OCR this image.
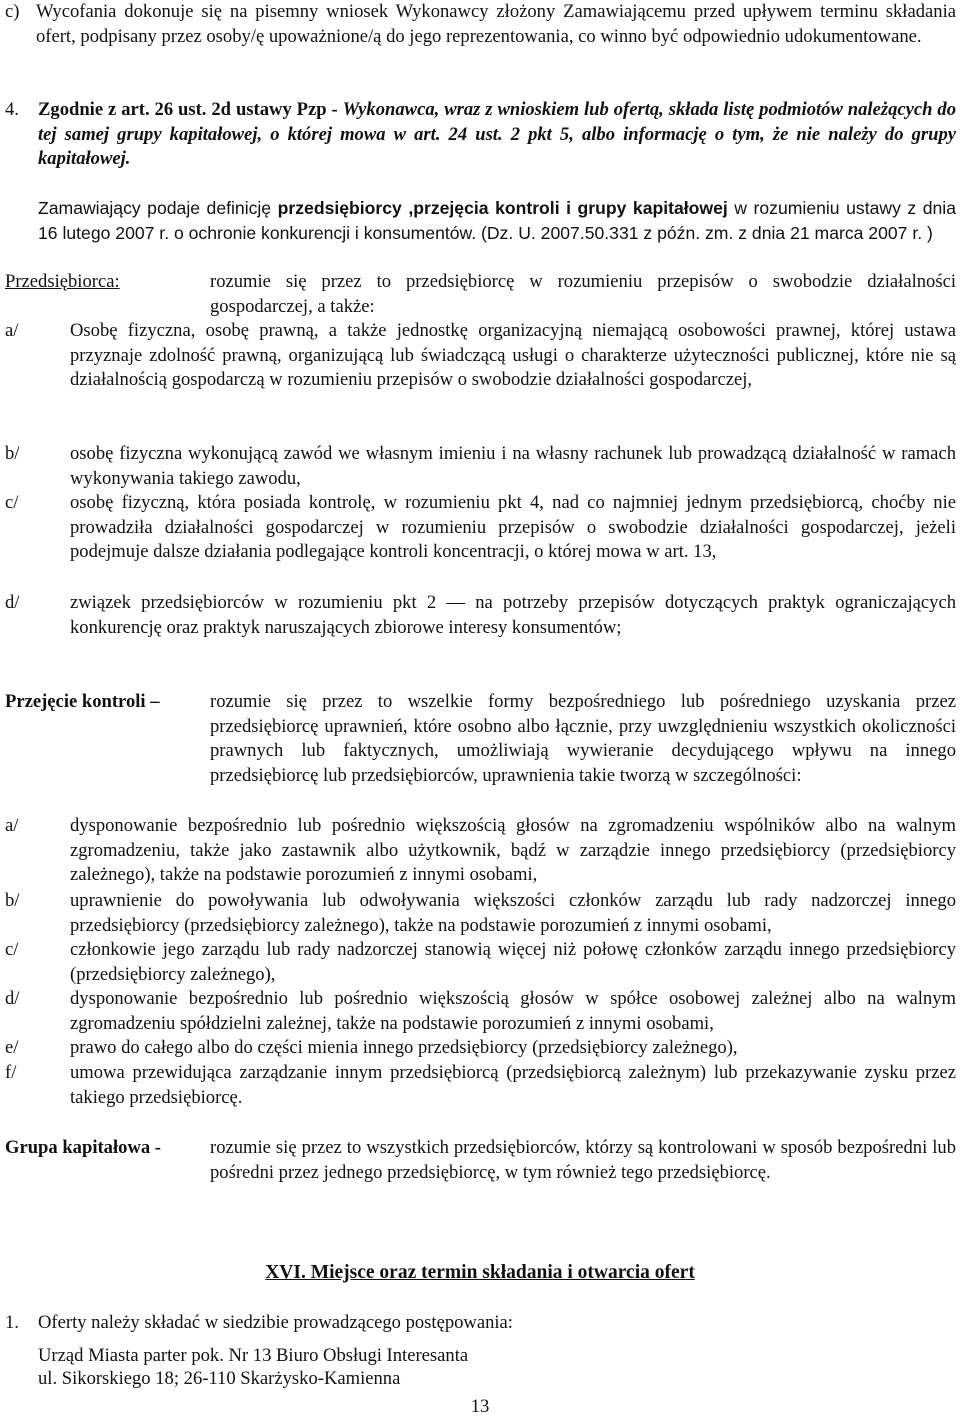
c) Wycofania dokonuje się na pisemny wniosek Wykonawcy złożony Zamawiającemu przed upływem terminu składania ofert, podpisany przez osoby/ę upoważnione/ą do jego reprezentowania, co winno być odpowiednio udokumentowane.
4. Zgodnie z art. 26 ust. 2d ustawy Pzp - Wykonawca, wraz z wnioskiem lub ofertą, składa listę podmiotów należących do tej samej grupy kapitałowej, o której mowa w art. 24 ust. 2 pkt 5, albo informację o tym, że nie należy do grupy kapitałowej.
Zamawiający podaje definicję przedsiębiorcy ,przejęcia kontroli i grupy kapitałowej w rozumieniu ustawy z dnia 16 lutego 2007 r. o ochronie konkurencji i konsumentów. (Dz. U. 2007.50.331 z późn. zm. z dnia 21 marca 2007 r. )
Przedsiębiorca:	rozumie się przez to przedsiębiorcę w rozumieniu przepisów o swobodzie działalności gospodarczej, a także:
a/	Osobę fizyczna, osobę prawną, a także jednostkę organizacyjną niemającą osobowości prawnej, której ustawa przyznaje zdolność prawną, organizującą lub świadczącą usługi o charakterze użyteczności publicznej, które nie są działalnością gospodarczą w rozumieniu przepisów o swobodzie działalności gospodarczej,
b/	osobę fizyczna wykonującą zawód we własnym imieniu i na własny rachunek lub prowadzącą działalność w ramach wykonywania takiego zawodu,
c/	osobę fizyczną, która posiada kontrolę, w rozumieniu pkt 4, nad co najmniej jednym przedsiębiorcą, choćby nie prowadziła działalności gospodarczej w rozumieniu przepisów o swobodzie działalności gospodarczej, jeżeli podejmuje dalsze działania podlegające kontroli koncentracji, o której mowa w art. 13,
d/	związek przedsiębiorców w rozumieniu pkt 2 — na potrzeby przepisów dotyczących praktyk ograniczających konkurencję oraz praktyk naruszających zbiorowe interesy konsumentów;
Przejęcie kontroli –	rozumie się przez to wszelkie formy bezpośredniego lub pośredniego uzyskania przez przedsiębiorcę uprawnień, które osobno albo łącznie, przy uwzględnieniu wszystkich okoliczności prawnych lub faktycznych, umożliwiają wywieranie decydującego wpływu na innego przedsiębiorcę lub przedsiębiorców, uprawnienia takie tworzą w szczególności:
a/	dysponowanie bezpośrednio lub pośrednio większością głosów na zgromadzeniu wspólników albo na walnym zgromadzeniu, także jako zastawnik albo użytkownik, bądź w zarządzie innego przedsiębiorcy (przedsiębiorcy zależnego), także na podstawie porozumień z innymi osobami,
b/	uprawnienie do powoływania lub odwoływania większości członków zarządu lub rady nadzorczej innego przedsiębiorcy (przedsiębiorcy zależnego), także na podstawie porozumień z innymi osobami,
c/	członkowie jego zarządu lub rady nadzorczej stanowią więcej niż połowę członków zarządu innego przedsiębiorcy (przedsiębiorcy zależnego),
d/	dysponowanie bezpośrednio lub pośrednio większością głosów w spółce osobowej zależnej albo na walnym zgromadzeniu spółdzielni zależnej, także na podstawie porozumień z innymi osobami,
e/	prawo do całego albo do części mienia innego przedsiębiorcy (przedsiębiorcy zależnego),
f/	umowa przewidująca zarządzanie innym przedsiębiorcą (przedsiębiorcą zależnym) lub przekazywanie zysku przez takiego przedsiębiorcę.
Grupa kapitałowa -	rozumie się przez to wszystkich przedsiębiorców, którzy są kontrolowani w sposób bezpośredni lub pośredni przez jednego przedsiębiorcę, w tym również tego przedsiębiorcę.
XVI. Miejsce oraz termin składania i otwarcia ofert
1. Oferty należy składać w siedzibie prowadzącego postępowania:
Urząd Miasta parter pok. Nr 13 Biuro Obsługi Interesanta
ul. Sikorskiego 18; 26-110 Skarżysko-Kamienna
13
